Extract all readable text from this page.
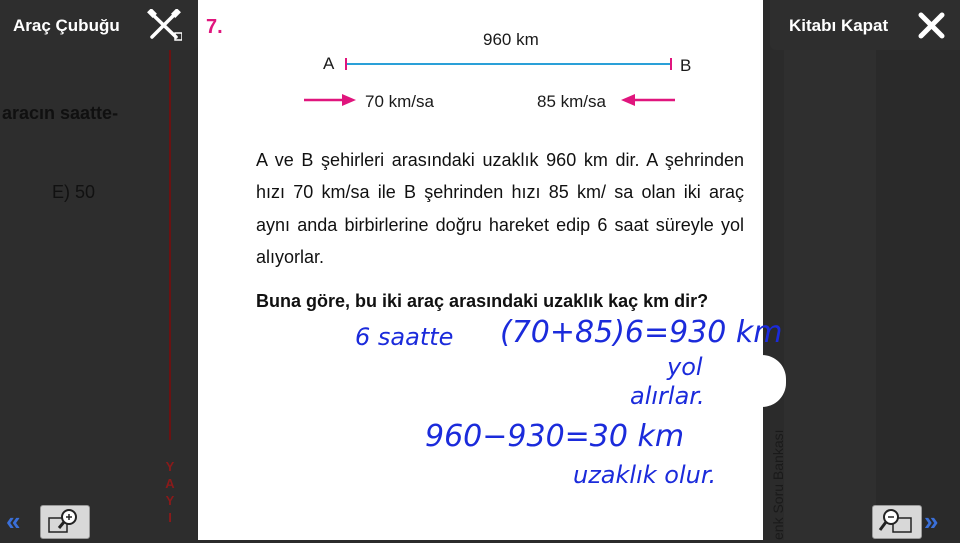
aracın saatte-
E) 50
Y
A
Y
I
Araç Çubuğu	Kitabı Kapat
7.
960 km
A	B
70 km/sa	85 km/sa
A ve B şehirleri arasındaki uzaklık 960 km dir. A şehrinden hızı 70 km/sa ile B şehrinden hızı 85 km/ sa olan iki araç aynı anda birbirlerine doğru hareket edip 6 saat süreyle yol alıyorlar.
Buna göre, bu iki araç arasındaki uzaklık kaç km dir?
6 saatte (70+85)6=930 km
yol
alırlar.
960−930=30 km
uzaklık olur.	enk Soru Bankası
«	»
